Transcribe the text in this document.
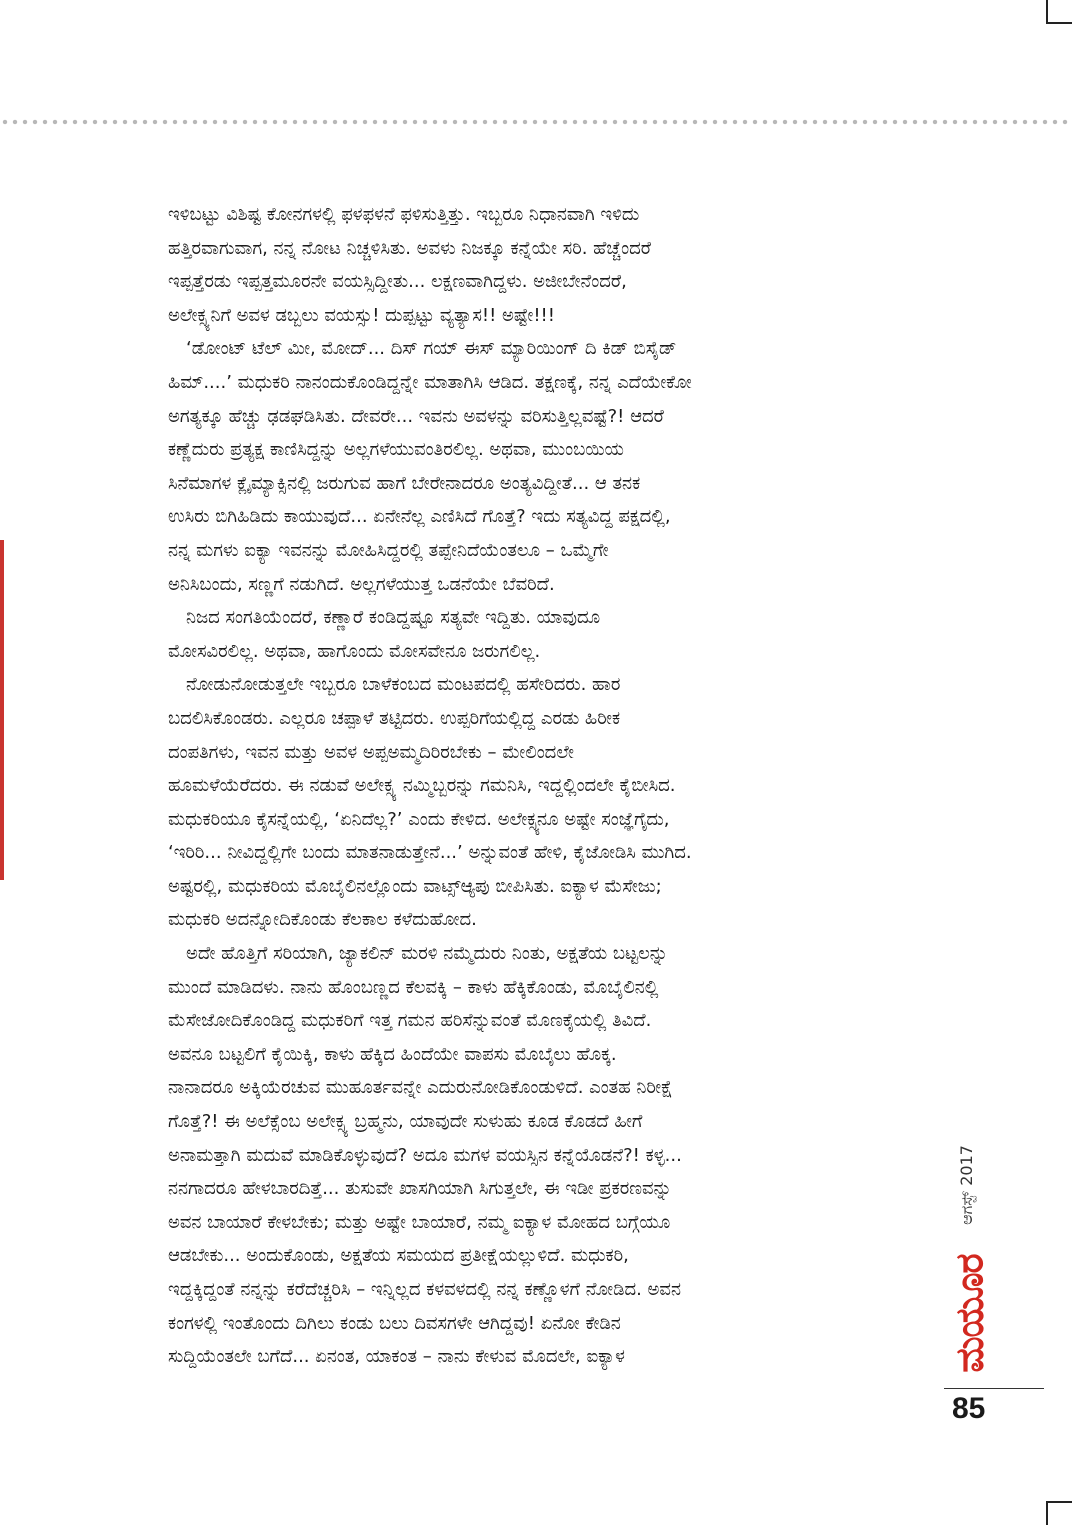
ಇಳಿಬಟ್ಟು ವಿಶಿಷ್ಟ ಕೋನಗಳಲ್ಲಿ ಫಳಫಳನೆ ಫಳಿಸುತ್ತಿತ್ತು. ಇಬ್ಬರೂ ನಿಧಾನವಾಗಿ ಇಳಿದು
ಹತ್ತಿರವಾಗುವಾಗ, ನನ್ನ ನೋಟ ನಿಚ್ಚಳಿಸಿತು. ಅವಳು ನಿಜಕ್ಕೂ ಕನ್ನೆಯೇ ಸರಿ. ಹೆಚ್ಚೆಂದರೆ
ಇಪ್ಪತ್ತೆರಡು ಇಪ್ಪತ್ತಮೂರನೇ ವಯಸ್ಸಿದ್ದೀತು... ಲಕ್ಷಣವಾಗಿದ್ದಳು. ಅಜೀಬೇನೆಂದರೆ,
ಅಲೇಕ್ಸ್ಯನಿಗೆ ಅವಳ ಡಬ್ಬಲು ವಯಸ್ಸು! ದುಪ್ಪಟ್ಟು ವ್ಯತ್ಯಾಸ!! ಅಷ್ಟೇ!!!

‘ಡೋಂಟ್ ಟೆಲ್ ಮೀ, ಮೋದ್... ದಿಸ್ ಗಯ್ ಈಸ್ ಮ್ಯಾರಿಯಿಂಗ್ ದಿ ಕಿಡ್ ಬಿಸೈಡ್
ಹಿಮ್....’ ಮಧುಕರಿ ನಾನಂದುಕೊಂಡಿದ್ದನ್ನೇ ಮಾತಾಗಿಸಿ ಆಡಿದ. ತಕ್ಷಣಕ್ಕೆ, ನನ್ನ ಎದೆಯೇಕೋ
ಅಗತ್ಯಕ್ಕೂ ಹೆಚ್ಚು ಢಡಘಡಿಸಿತು. ದೇವರೇ... ಇವನು ಅವಳನ್ನು ವರಿಸುತ್ತಿಲ್ಲವಷ್ಟೆ?! ಆದರೆ
ಕಣ್ಣೆದುರು ಪ್ರತ್ಯಕ್ಷ ಕಾಣಿಸಿದ್ದನ್ನು ಅಲ್ಲಗಳೆಯುವಂತಿರಲಿಲ್ಲ. ಅಥವಾ, ಮುಂಬಯಿಯ
ಸಿನೆಮಾಗಳ ಕ್ಲೈಮ್ಯಾಕ್ಸಿನಲ್ಲಿ ಜರುಗುವ ಹಾಗೆ ಬೇರೇನಾದರೂ ಅಂತ್ಯವಿದ್ದೀತೆ... ಆ ತನಕ
ಉಸಿರು ಬಿಗಿಹಿಡಿದು ಕಾಯುವುದೆ... ಏನೇನೆಲ್ಲ ಎಣಿಸಿದೆ ಗೊತ್ತೆ? ಇದು ಸತ್ಯವಿದ್ದ ಪಕ್ಷದಲ್ಲಿ,
ನನ್ನ ಮಗಳು ಐಕ್ಯಾ ಇವನನ್ನು ಮೋಹಿಸಿದ್ದರಲ್ಲಿ ತಪ್ಪೇನಿದೆಯೆಂತಲೂ – ಒಮ್ಮೆಗೇ
ಅನಿಸಿಬಂದು, ಸಣ್ಣಗೆ ನಡುಗಿದೆ. ಅಲ್ಲಗಳೆಯುತ್ತ ಒಡನೆಯೇ ಬೆವರಿದೆ.

ನಿಜದ ಸಂಗತಿಯೆಂದರೆ, ಕಣ್ಣಾರೆ ಕಂಡಿದ್ದಷ್ಟೂ ಸತ್ಯವೇ ಇದ್ದಿತು. ಯಾವುದೂ
ಮೋಸವಿರಲಿಲ್ಲ. ಅಥವಾ, ಹಾಗೊಂದು ಮೋಸವೇನೂ ಜರುಗಲಿಲ್ಲ.

ನೋಡುನೋಡುತ್ತಲೇ ಇಬ್ಬರೂ ಬಾಳೆಕಂಬದ ಮಂಟಪದಲ್ಲಿ ಹಸೇರಿದರು. ಹಾರ
ಬದಲಿಸಿಕೊಂಡರು. ಎಲ್ಲರೂ ಚಪ್ಪಾಳೆ ತಟ್ಟಿದರು. ಉಪ್ಪರಿಗೆಯಲ್ಲಿದ್ದ ಎರಡು ಹಿರೀಕ
ದಂಪತಿಗಳು, ಇವನ ಮತ್ತು ಅವಳ ಅಪ್ಪಅಮ್ಮದಿರಿರಬೇಕು – ಮೇಲಿಂದಲೇ
ಹೂಮಳೆಯೆರೆದರು. ಈ ನಡುವೆ ಅಲೇಕ್ಸ್ಯ ನಮ್ಮಿಬ್ಬರನ್ನು ಗಮನಿಸಿ, ಇದ್ದಲ್ಲಿಂದಲೇ ಕೈಬೀಸಿದ.
ಮಧುಕರಿಯೂ ಕೈಸನ್ನೆಯಲ್ಲಿ, ‘ಏನಿದೆಲ್ಲ?’ ಎಂದು ಕೇಳಿದ. ಅಲೇಕ್ಸ್ಯನೂ ಅಷ್ಟೇ ಸಂಜ್ಞೆಗೈದು,
‘ಇರಿರಿ... ನೀವಿದ್ದಲ್ಲಿಗೇ ಬಂದು ಮಾತನಾಡುತ್ತೇನೆ...’ ಅನ್ನುವಂತೆ ಹೇಳಿ, ಕೈಜೋಡಿಸಿ ಮುಗಿದ.
ಅಷ್ಟರಲ್ಲಿ, ಮಧುಕರಿಯ ಮೊಬೈಲಿನಲ್ಲೊಂದು ವಾಟ್ಸ್‌ಆ್ಯಪು ಬೀಪಿಸಿತು. ಐಕ್ಯಾಳ ಮೆಸೇಜು;
ಮಧುಕರಿ ಅದನ್ನೋದಿಕೊಂಡು ಕೆಲಕಾಲ ಕಳೆದುಹೋದ.

ಅದೇ ಹೊತ್ತಿಗೆ ಸರಿಯಾಗಿ, ಜ್ಯಾಕಲಿನ್ ಮರಳಿ ನಮ್ಮೆದುರು ನಿಂತು, ಅಕ್ಷತೆಯ ಬಟ್ಟಲನ್ನು
ಮುಂದೆ ಮಾಡಿದಳು. ನಾನು ಹೊಂಬಣ್ಣದ ಕೆಲವಕ್ಕಿ – ಕಾಳು ಹೆಕ್ಕಿಕೊಂಡು, ಮೊಬೈಲಿನಲ್ಲಿ
ಮೆಸೇಜೋದಿಕೊಂಡಿದ್ದ ಮಧುಕರಿಗೆ ಇತ್ತ ಗಮನ ಹರಿಸೆನ್ನುವಂತೆ ಮೊಣಕೈಯಲ್ಲಿ ತಿವಿದೆ.
ಅವನೂ ಬಟ್ಟಲಿಗೆ ಕೈಯಿಕ್ಕಿ, ಕಾಳು ಹೆಕ್ಕಿದ ಹಿಂದೆಯೇ ವಾಪಸು ಮೊಬೈಲು ಹೊಕ್ಕ.
ನಾನಾದರೂ ಅಕ್ಕಿಯೆರಚುವ ಮುಹೂರ್ತವನ್ನೇ ಎದುರುನೋಡಿಕೊಂಡುಳಿದೆ. ಎಂತಹ ನಿರೀಕ್ಷೆ
ಗೊತ್ತೆ?! ಈ ಅಲೆಕ್ಸೆಂಬ ಅಲೇಕ್ಸ್ಯ ಬ್ರಹ್ಮನು, ಯಾವುದೇ ಸುಳುಹು ಕೂಡ ಕೊಡದೆ ಹೀಗೆ
ಅನಾಮತ್ತಾಗಿ ಮದುವೆ ಮಾಡಿಕೊಳ್ಳುವುದೆ? ಅದೂ ಮಗಳ ವಯಸ್ಸಿನ ಕನ್ನೆಯೊಡನೆ?! ಕಳ್ಳ...
ನನಗಾದರೂ ಹೇಳಬಾರದಿತ್ತೆ... ತುಸುವೇ ಖಾಸಗಿಯಾಗಿ ಸಿಗುತ್ತಲೇ, ಈ ಇಡೀ ಪ್ರಕರಣವನ್ನು
ಅವನ ಬಾಯಾರೆ ಕೇಳಬೇಕು; ಮತ್ತು ಅಷ್ಟೇ ಬಾಯಾರೆ, ನಮ್ಮ ಐಕ್ಯಾಳ ಮೋಹದ ಬಗ್ಗೆಯೂ
ಆಡಬೇಕು... ಅಂದುಕೊಂಡು, ಅಕ್ಷತೆಯ ಸಮಯದ ಪ್ರತೀಕ್ಷೆಯಲ್ಲುಳಿದೆ. ಮಧುಕರಿ,
ಇದ್ದಕ್ಕಿದ್ದಂತೆ ನನ್ನನ್ನು ಕರೆದೆಚ್ಚರಿಸಿ – ಇನ್ನಿಲ್ಲದ ಕಳವಳದಲ್ಲಿ ನನ್ನ ಕಣ್ಣೊಳಗೆ ನೋಡಿದ. ಅವನ
ಕಂಗಳಲ್ಲಿ ಇಂತೊಂದು ದಿಗಿಲು ಕಂಡು ಬಲು ದಿವಸಗಳೇ ಆಗಿದ್ದವು! ಏನೋ ಕೇಡಿನ
ಸುದ್ದಿಯೆಂತಲೇ ಬಗೆದೆ... ಏನಂತ, ಯಾಕಂತ – ನಾನು ಕೇಳುವ ಮೊದಲೇ, ಐಕ್ಯಾಳ

ಆಗಸ್ಟ್ 2017
ಮಯೂರ
85
